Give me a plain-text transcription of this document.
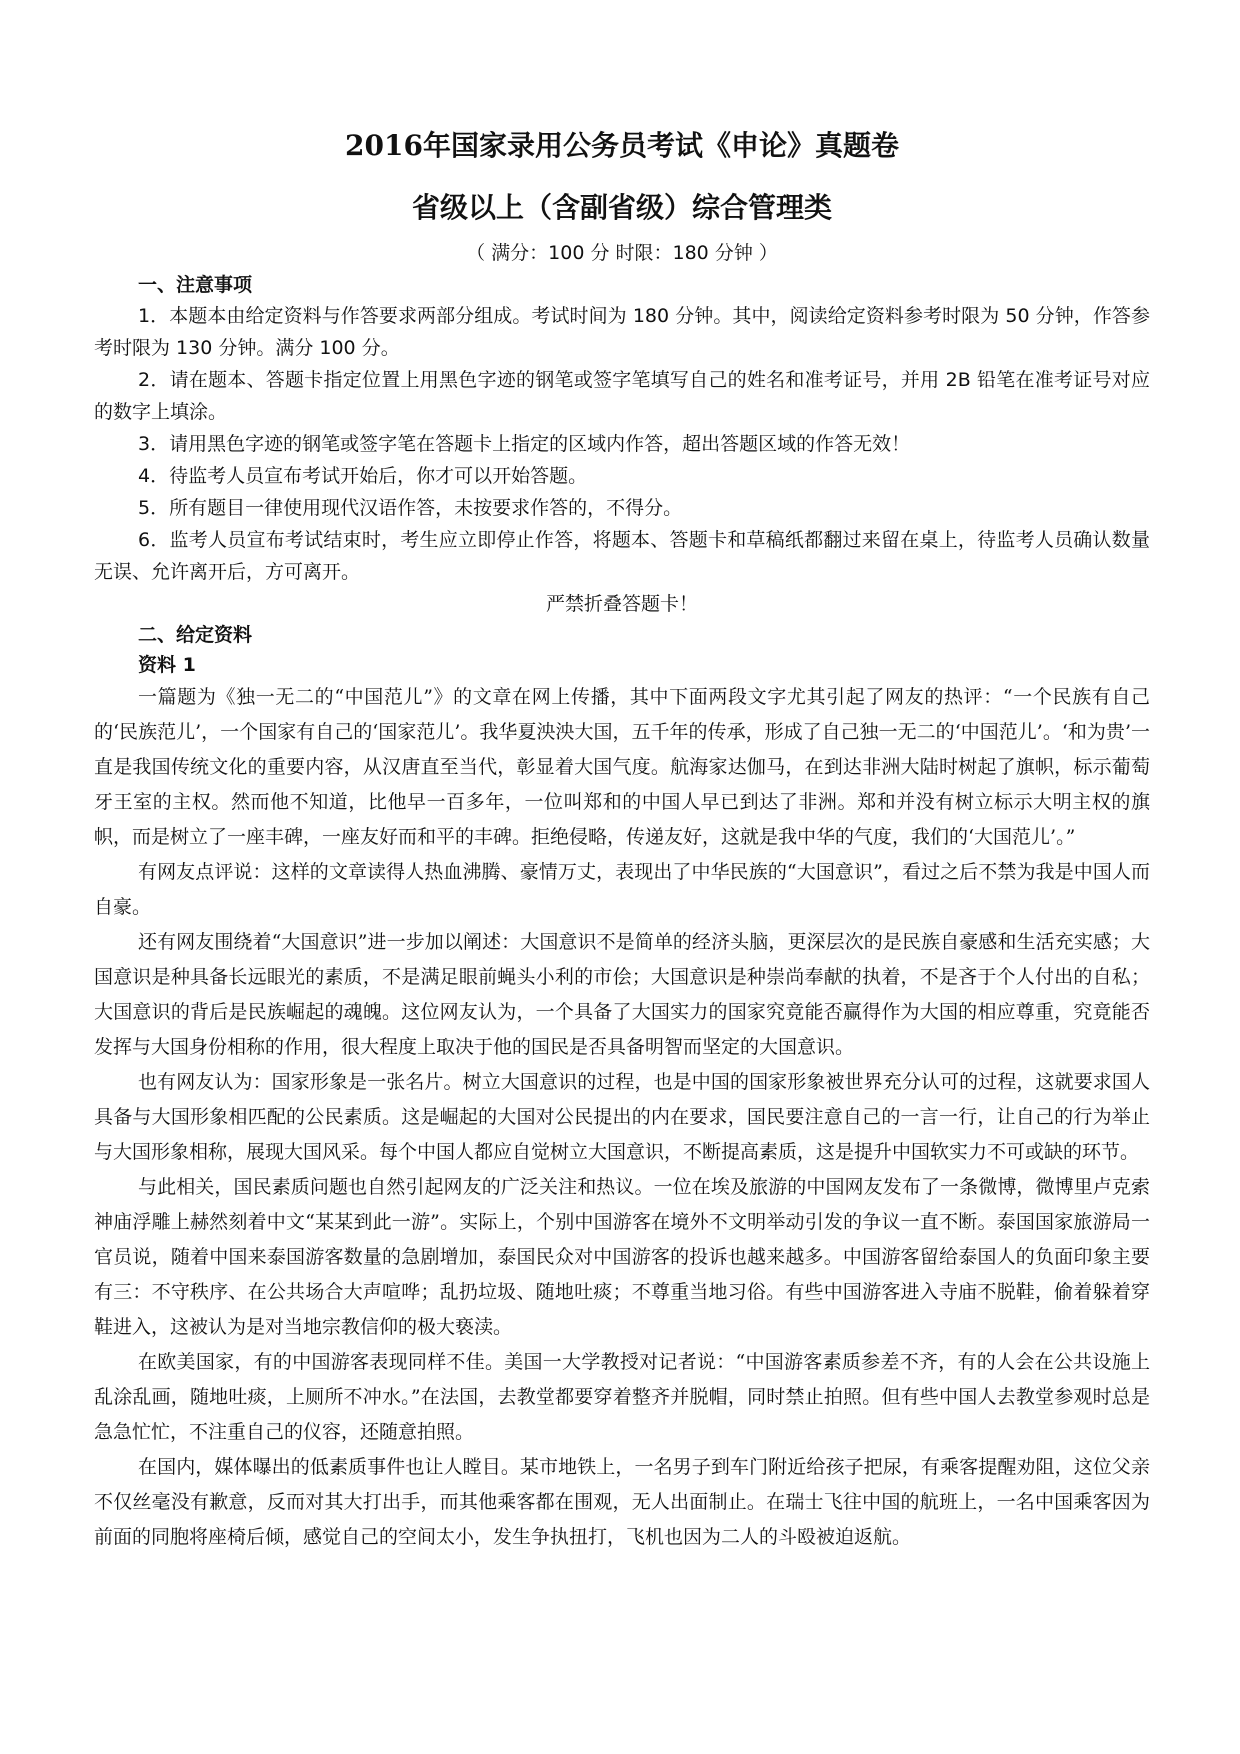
2016年国家录用公务员考试《申论》真题卷
省级以上（含副省级）综合管理类
（ 满分：100 分 时限：180 分钟 ）
一、注意事项
1．本题本由给定资料与作答要求两部分组成。考试时间为 180 分钟。其中，阅读给定资料参考时限为 50 分钟，作答参考时限为 130 分钟。满分 100 分。
2．请在题本、答题卡指定位置上用黑色字迹的钢笔或签字笔填写自己的姓名和准考证号，并用 2B 铅笔在准考证号对应的数字上填涂。
3．请用黑色字迹的钢笔或签字笔在答题卡上指定的区域内作答，超出答题区域的作答无效！
4．待监考人员宣布考试开始后，你才可以开始答题。
5．所有题目一律使用现代汉语作答，未按要求作答的，不得分。
6．监考人员宣布考试结束时，考生应立即停止作答，将题本、答题卡和草稿纸都翻过来留在桌上，待监考人员确认数量无误、允许离开后，方可离开。
严禁折叠答题卡！
二、给定资料
资料 1
一篇题为《独一无二的“中国范儿”》的文章在网上传播，其中下面两段文字尤其引起了网友的热评：“一个民族有自己的‘民族范儿’，一个国家有自己的‘国家范儿’。我华夏泱泱大国，五千年的传承，形成了自己独一无二的‘中国范儿’。‘和为贵’一直是我国传统文化的重要内容，从汉唐直至当代，彰显着大国气度。航海家达伽马，在到达非洲大陆时树起了旗帜，标示葡萄牙王室的主权。然而他不知道，比他早一百多年，一位叫郑和的中国人早已到达了非洲。郑和并没有树立标示大明主权的旗帜，而是树立了一座丰碑，一座友好而和平的丰碑。拒绝侵略，传递友好，这就是我中华的气度，我们的‘大国范儿’。”
有网友点评说：这样的文章读得人热血沸腾、豪情万丈，表现出了中华民族的“大国意识”，看过之后不禁为我是中国人而自豪。
还有网友围绕着“大国意识”进一步加以阐述：大国意识不是简单的经济头脑，更深层次的是民族自豪感和生活充实感；大国意识是种具备长远眼光的素质，不是满足眼前蝇头小利的市侩；大国意识是种崇尚奉献的执着，不是吝于个人付出的自私；大国意识的背后是民族崛起的魂魄。这位网友认为，一个具备了大国实力的国家究竟能否赢得作为大国的相应尊重，究竟能否发挥与大国身份相称的作用，很大程度上取决于他的国民是否具备明智而坚定的大国意识。
也有网友认为：国家形象是一张名片。树立大国意识的过程，也是中国的国家形象被世界充分认可的过程，这就要求国人具备与大国形象相匹配的公民素质。这是崛起的大国对公民提出的内在要求，国民要注意自己的一言一行，让自己的行为举止与大国形象相称，展现大国风采。每个中国人都应自觉树立大国意识，不断提高素质，这是提升中国软实力不可或缺的环节。
与此相关，国民素质问题也自然引起网友的广泛关注和热议。一位在埃及旅游的中国网友发布了一条微博，微博里卢克索神庙浮雕上赫然刻着中文“某某到此一游”。实际上，个别中国游客在境外不文明举动引发的争议一直不断。泰国国家旅游局一官员说，随着中国来泰国游客数量的急剧增加，泰国民众对中国游客的投诉也越来越多。中国游客留给泰国人的负面印象主要有三：不守秩序、在公共场合大声喧哗；乱扔垃圾、随地吐痰；不尊重当地习俗。有些中国游客进入寺庙不脱鞋，偷着躲着穿鞋进入，这被认为是对当地宗教信仰的极大亵渎。
在欧美国家，有的中国游客表现同样不佳。美国一大学教授对记者说：“中国游客素质参差不齐，有的人会在公共设施上乱涂乱画，随地吐痰，上厕所不冲水。”在法国，去教堂都要穿着整齐并脱帽，同时禁止拍照。但有些中国人去教堂参观时总是急急忙忙，不注重自己的仪容，还随意拍照。
在国内，媒体曝出的低素质事件也让人瞠目。某市地铁上，一名男子到车门附近给孩子把尿，有乘客提醒劝阻，这位父亲不仅丝毫没有歉意，反而对其大打出手，而其他乘客都在围观，无人出面制止。在瑞士飞往中国的航班上，一名中国乘客因为前面的同胞将座椅后倾，感觉自己的空间太小，发生争执扭打，飞机也因为二人的斗殴被迫返航。
